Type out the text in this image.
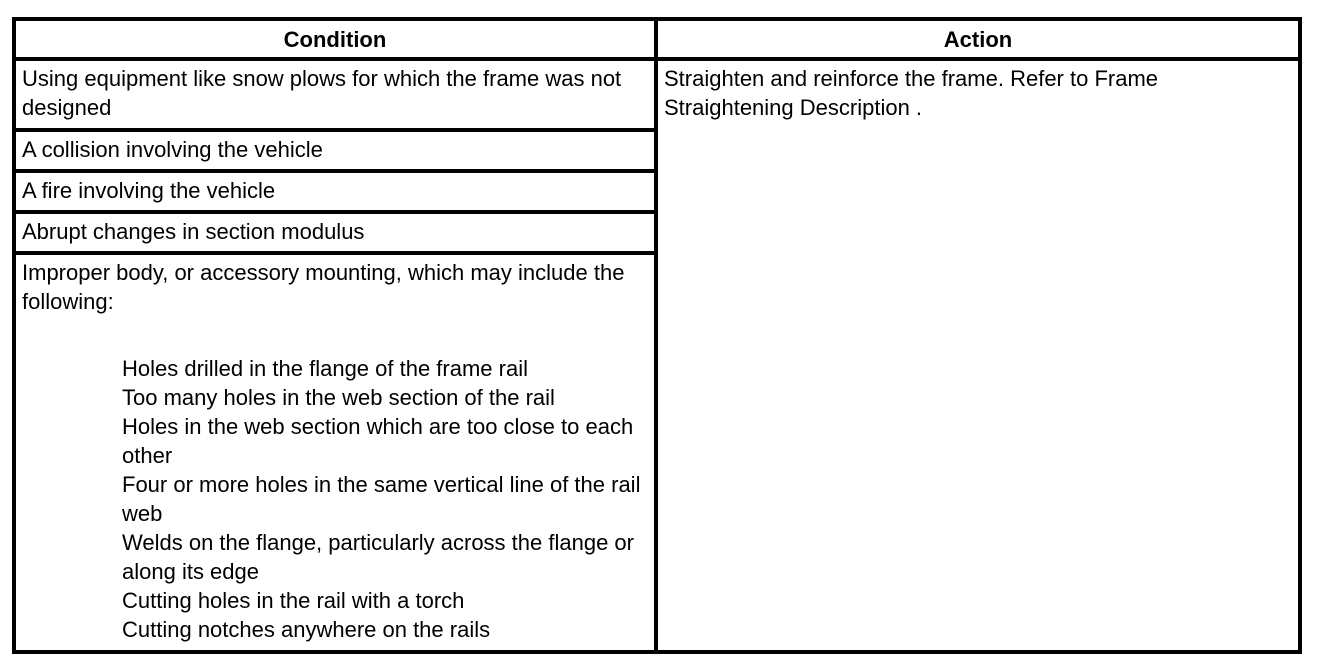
Condition	Action
Using equipment like snow plows for which the frame was not designed
A collision involving the vehicle
A fire involving the vehicle
Abrupt changes in section modulus
Improper body, or accessory mounting, which may include the following:
Holes drilled in the flange of the frame rail
Too many holes in the web section of the rail
Holes in the web section which are too close to each other
Four or more holes in the same vertical line of the rail web
Welds on the flange, particularly across the flange or along its edge
Cutting holes in the rail with a torch
Cutting notches anywhere on the rails
Straighten and reinforce the frame. Refer to Frame Straightening Description .
